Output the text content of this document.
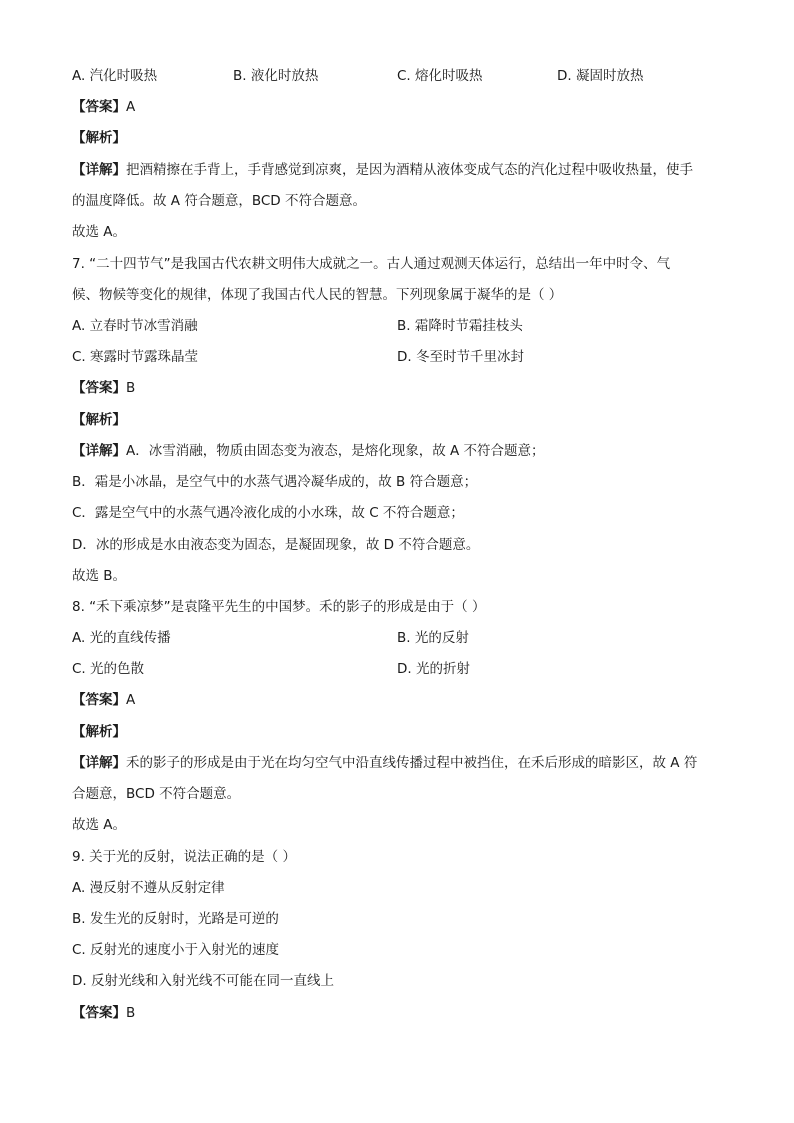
A. 汽化时吸热	B. 液化时放热	C. 熔化时吸热	D. 凝固时放热
【答案】A
【解析】
【详解】把酒精擦在手背上，手背感觉到凉爽，是因为酒精从液体变成气态的汽化过程中吸收热量，使手
的温度降低。故 A 符合题意，BCD 不符合题意。
故选 A。
7. “二十四节气”是我国古代农耕文明伟大成就之一。古人通过观测天体运行，总结出一年中时令、气
候、物候等变化的规律，体现了我国古代人民的智慧。下列现象属于凝华的是（ ）
A. 立春时节冰雪消融	B. 霜降时节霜挂枝头
C. 寒露时节露珠晶莹	D. 冬至时节千里冰封
【答案】B
【解析】
【详解】A．冰雪消融，物质由固态变为液态，是熔化现象，故 A 不符合题意；
B．霜是小冰晶，是空气中的水蒸气遇冷凝华成的，故 B 符合题意；
C．露是空气中的水蒸气遇冷液化成的小水珠，故 C 不符合题意；
D．冰的形成是水由液态变为固态，是凝固现象，故 D 不符合题意。
故选 B。
8. “禾下乘凉梦”是袁隆平先生的中国梦。禾的影子的形成是由于（ ）
A. 光的直线传播	B. 光的反射
C. 光的色散	D. 光的折射
【答案】A
【解析】
【详解】禾的影子的形成是由于光在均匀空气中沿直线传播过程中被挡住，在禾后形成的暗影区，故 A 符
合题意，BCD 不符合题意。
故选 A。
9. 关于光的反射，说法正确的是（ ）
A. 漫反射不遵从反射定律
B. 发生光的反射时，光路是可逆的
C. 反射光的速度小于入射光的速度
D. 反射光线和入射光线不可能在同一直线上
【答案】B
